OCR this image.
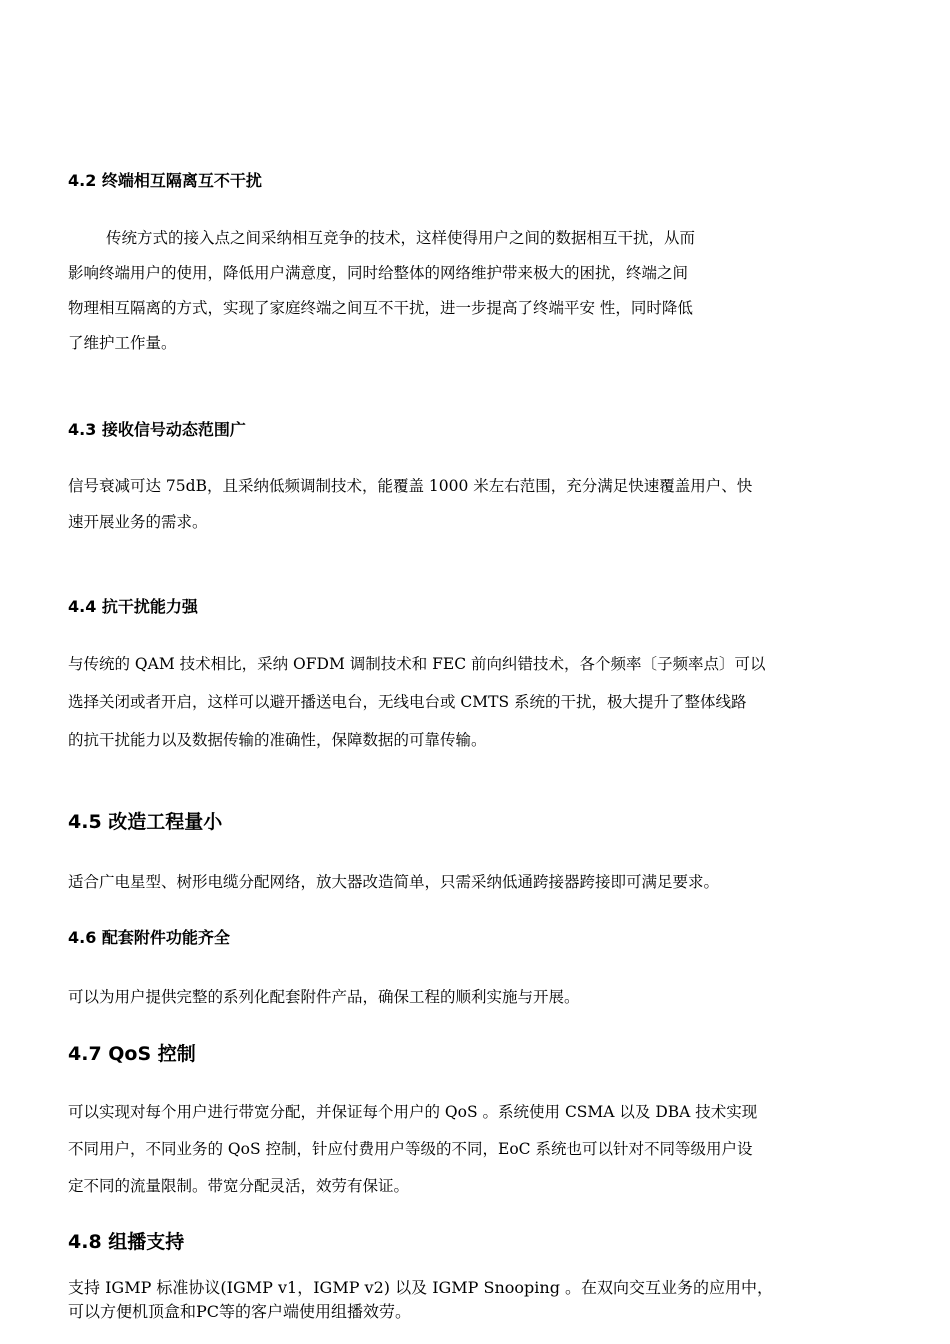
4.2 终端相互隔离互不干扰

传统方式的接入点之间采纳相互竞争的技术，这样使得用户之间的数据相互干扰，从而
影响终端用户的使用，降低用户满意度，同时给整体的网络维护带来极大的困扰，终端之间
物理相互隔离的方式，实现了家庭终端之间互不干扰，进一步提高了终端平安 性，同时降低
了维护工作量。

4.3 接收信号动态范围广

信号衰减可达 75dB，且采纳低频调制技术，能覆盖 1000 米左右范围，充分满足快速覆盖用户、快
速开展业务的需求。

4.4 抗干扰能力强

与传统的 QAM 技术相比，采纳 OFDM 调制技术和 FEC 前向纠错技术，各个频率〔子频率点〕可以
选择关闭或者开启，这样可以避开播送电台，无线电台或 CMTS 系统的干扰，极大提升了整体线路
的抗干扰能力以及数据传输的准确性，保障数据的可靠传输。

4.5 改造工程量小

适合广电星型、树形电缆分配网络，放大器改造简单，只需采纳低通跨接器跨接即可满足要求。

4.6 配套附件功能齐全

可以为用户提供完整的系列化配套附件产品，确保工程的顺利实施与开展。

4.7 QoS 控制

可以实现对每个用户进行带宽分配，并保证每个用户的 QoS 。系统使用 CSMA 以及 DBA 技术实现
不同用户，不同业务的 QoS 控制，针应付费用户等级的不同，EoC 系统也可以针对不同等级用户设
定不同的流量限制。带宽分配灵活，效劳有保证。

4.8 组播支持

支持 IGMP 标准协议(IGMP v1，IGMP v2) 以及 IGMP Snooping 。在双向交互业务的应用中，
可以方便机顶盒和PC等的客户端使用组播效劳。
